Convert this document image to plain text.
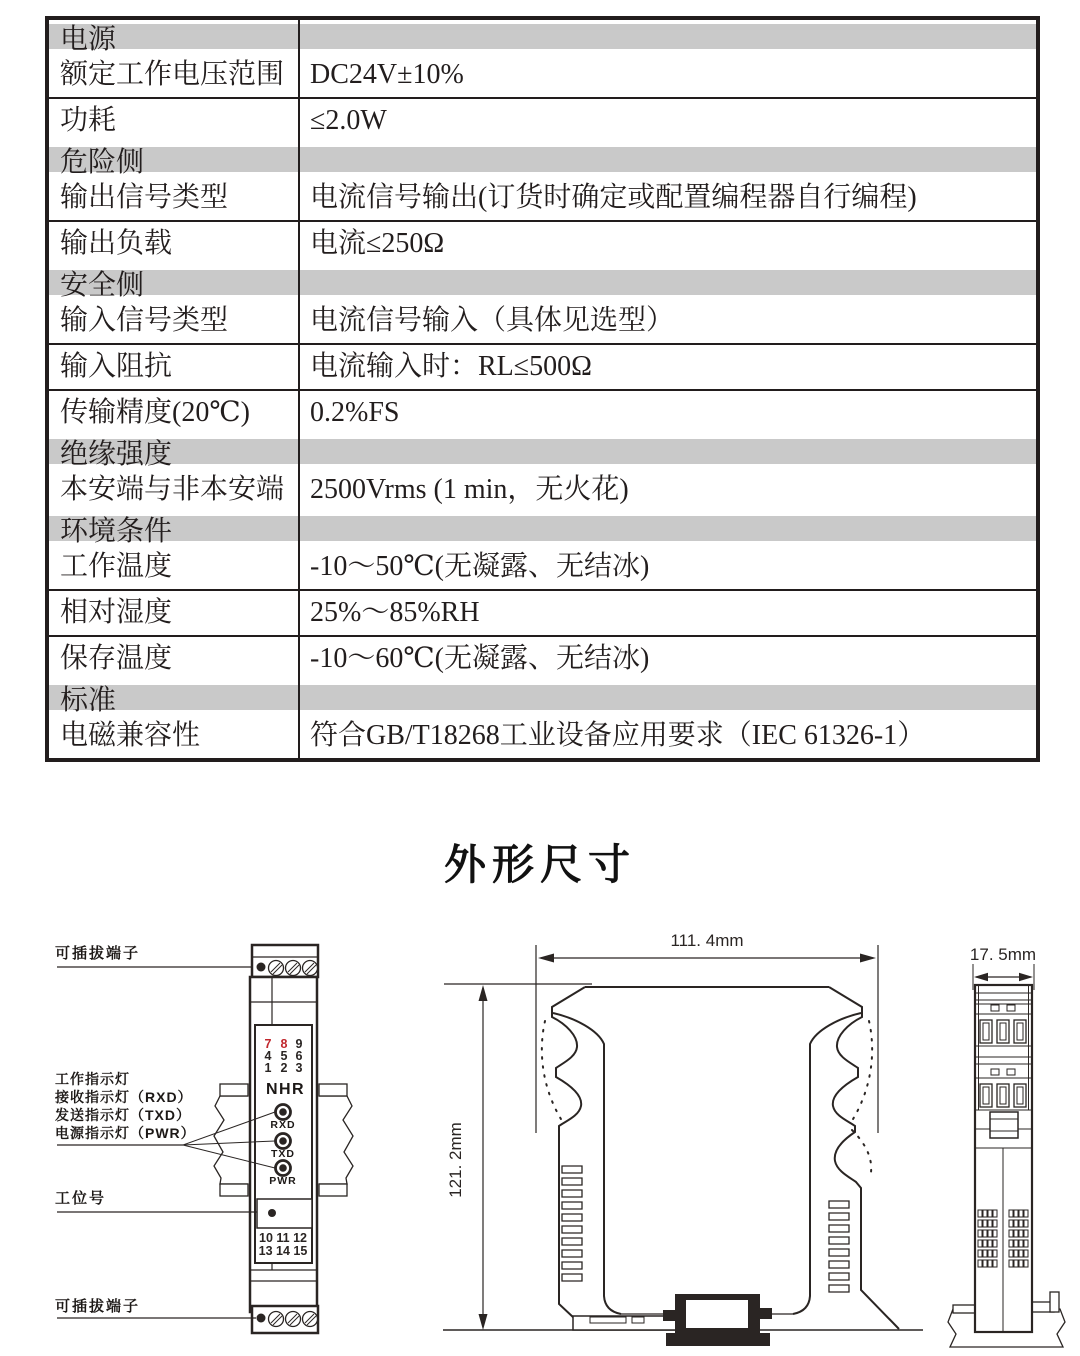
电源
额定工作电压范围 DC24V±10%
功耗	≤2.0W
危险侧
输出信号类型	电流信号输出(订货时确定或配置编程器自行编程)
输出负载	电流≤250Ω
安全侧
输入信号类型	电流信号输入（具体见选型）
输入阻抗	电流输入时：RL≤500Ω
传输精度(20℃)	0.2%FS
绝缘强度
本安端与非本安端 2500Vrms (1 min，无火花)
环境条件
工作温度	-10～50℃(无凝露、无结冰)
相对湿度	25%～85%RH
保存温度	-10～60℃(无凝露、无结冰)
标准
电磁兼容性	符合GB/T18268工业设备应用要求（IEC 61326-1）
外形尺寸
可插拔端子
7 8 9
4 5 6
1 2 3
N H R
RXD
TXD
PWR
工作指示灯
接收指示灯（RXD）
发送指示灯（TXD）
电源指示灯（PWR）
工位号
10 11 12
13 14 15
可插拔端子
111. 4mm
121. 2mm
17. 5mm
